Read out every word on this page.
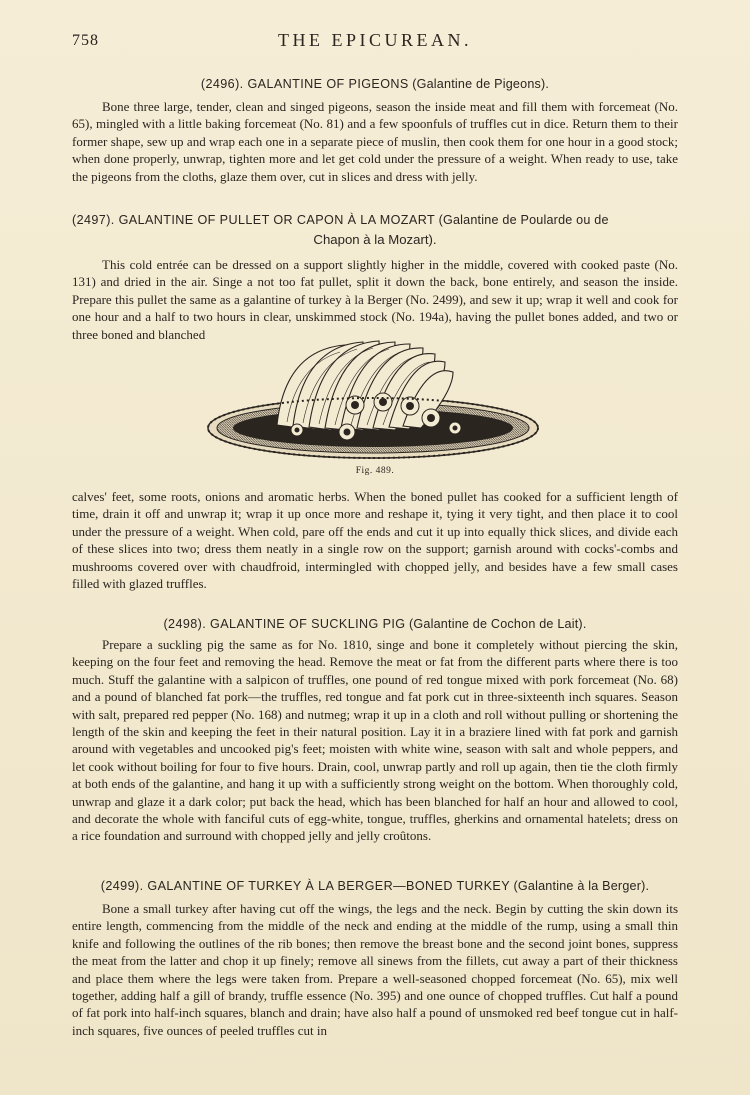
758	THE EPICUREAN.

(2496). GALANTINE OF PIGEONS (Galantine de Pigeons).

Bone three large, tender, clean and singed pigeons, season the inside meat and fill them with forcemeat (No. 65), mingled with a little baking forcemeat (No. 81) and a few spoonfuls of truffles cut in dice. Return them to their former shape, sew up and wrap each one in a separate piece of muslin, then cook them for one hour in a good stock; when done properly, unwrap, tighten more and let get cold under the pressure of a weight. When ready to use, take the pigeons from the cloths, glaze them over, cut in slices and dress with jelly.

(2497). GALANTINE OF PULLET OR CAPON À LA MOZART (Galantine de Poularde ou de

Chapon à la Mozart).

This cold entrée can be dressed on a support slightly higher in the middle, covered with cooked paste (No. 131) and dried in the air. Singe a not too fat pullet, split it down the back, bone entirely, and season the inside. Prepare this pullet the same as a galantine of turkey à la Berger (No. 2499), and sew it up; wrap it well and cook for one hour and a half to two hours in clear, unskimmed stock (No. 194a), having the pullet bones added, and two or three boned and blanched

Fig. 489.

calves' feet, some roots, onions and aromatic herbs. When the boned pullet has cooked for a sufficient length of time, drain it off and unwrap it; wrap it up once more and reshape it, tying it very tight, and then place it to cool under the pressure of a weight. When cold, pare off the ends and cut it up into equally thick slices, and divide each of these slices into two; dress them neatly in a single row on the support; garnish around with cocks'-combs and mushrooms covered over with chaudfroid, intermingled with chopped jelly, and besides have a few small cases filled with glazed truffles.

(2498). GALANTINE OF SUCKLING PIG (Galantine de Cochon de Lait).

Prepare a suckling pig the same as for No. 1810, singe and bone it completely without piercing the skin, keeping on the four feet and removing the head. Remove the meat or fat from the different parts where there is too much. Stuff the galantine with a salpicon of truffles, one pound of red tongue mixed with pork forcemeat (No. 68) and a pound of blanched fat pork—the truffles, red tongue and fat pork cut in three-sixteenth inch squares. Season with salt, prepared red pepper (No. 168) and nutmeg; wrap it up in a cloth and roll without pulling or shortening the length of the skin and keeping the feet in their natural position. Lay it in a braziere lined with fat pork and garnish around with vegetables and uncooked pig's feet; moisten with white wine, season with salt and whole peppers, and let cook without boiling for four to five hours. Drain, cool, unwrap partly and roll up again, then tie the cloth firmly at both ends of the galantine, and hang it up with a sufficiently strong weight on the bottom. When thoroughly cold, unwrap and glaze it a dark color; put back the head, which has been blanched for half an hour and allowed to cool, and decorate the whole with fanciful cuts of egg-white, tongue, truffles, gherkins and ornamental hatelets; dress on a rice foundation and surround with chopped jelly and jelly croûtons.

(2499). GALANTINE OF TURKEY À LA BERGER—BONED TURKEY (Galantine à la Berger).

Bone a small turkey after having cut off the wings, the legs and the neck. Begin by cutting the skin down its entire length, commencing from the middle of the neck and ending at the middle of the rump, using a small thin knife and following the outlines of the rib bones; then remove the breast bone and the second joint bones, suppress the meat from the latter and chop it up finely; remove all sinews from the fillets, cut away a part of their thickness and place them where the legs were taken from. Prepare a well-seasoned chopped forcemeat (No. 65), mix well together, adding half a gill of brandy, truffle essence (No. 395) and one ounce of chopped truffles. Cut half a pound of fat pork into half-inch squares, blanch and drain; have also half a pound of unsmoked red beef tongue cut in half-inch squares, five ounces of peeled truffles cut in
